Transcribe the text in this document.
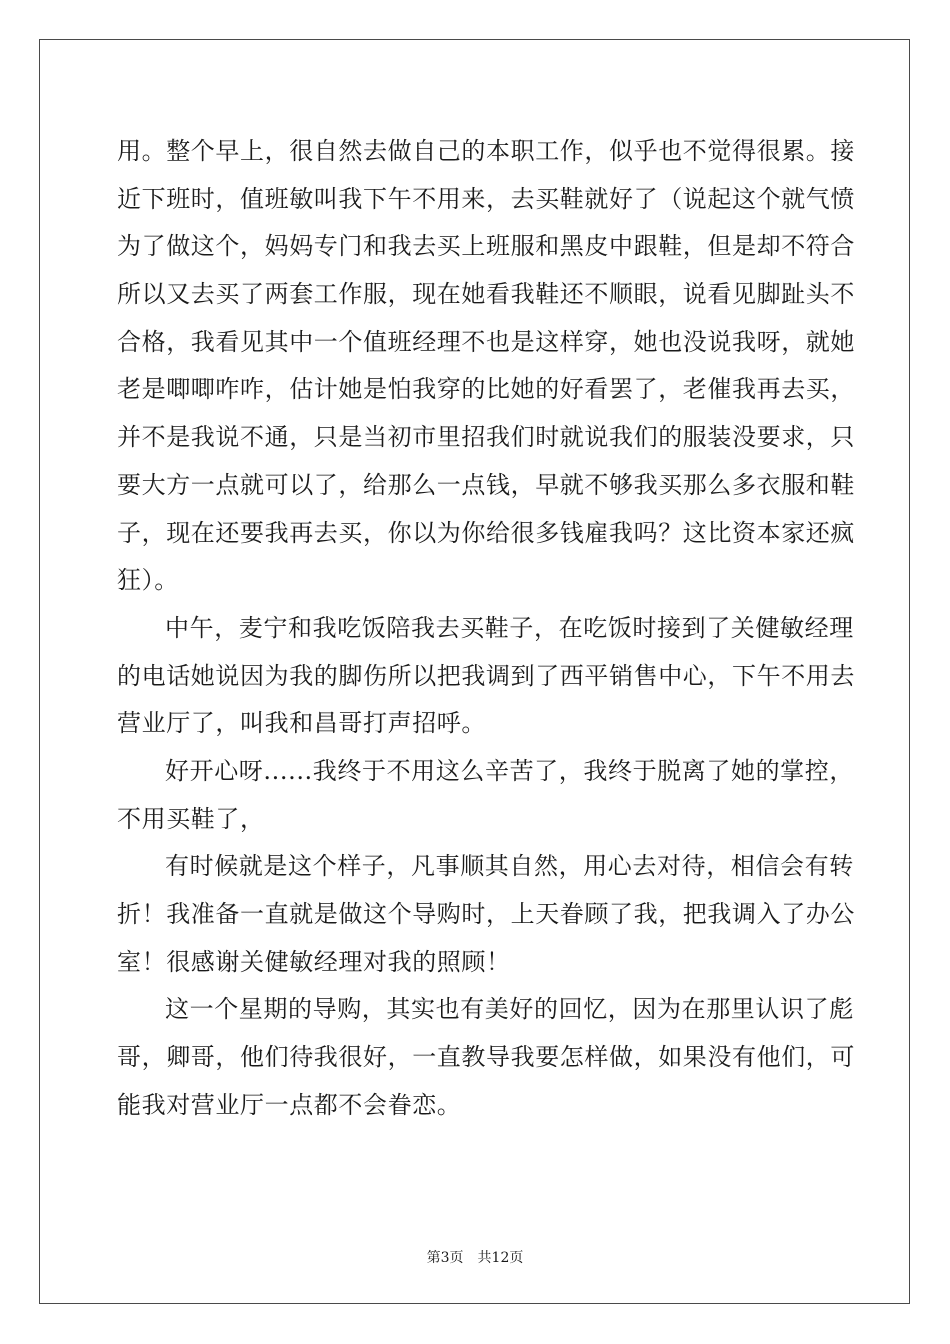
用。整个早上，很自然去做自己的本职工作，似乎也不觉得很累。接
近下班时，值班敏叫我下午不用来，去买鞋就好了（说起这个就气愤
为了做这个，妈妈专门和我去买上班服和黑皮中跟鞋，但是却不符合
所以又去买了两套工作服，现在她看我鞋还不顺眼，说看见脚趾头不
合格，我看见其中一个值班经理不也是这样穿，她也没说我呀，就她
老是唧唧咋咋，估计她是怕我穿的比她的好看罢了，老催我再去买，
并不是我说不通，只是当初市里招我们时就说我们的服装没要求，只
要大方一点就可以了，给那么一点钱，早就不够我买那么多衣服和鞋
子，现在还要我再去买，你以为你给很多钱雇我吗？这比资本家还疯
狂）。
中午，麦宁和我吃饭陪我去买鞋子，在吃饭时接到了关健敏经理
的电话她说因为我的脚伤所以把我调到了西平销售中心，下午不用去
营业厅了，叫我和昌哥打声招呼。
好开心呀......我终于不用这么辛苦了，我终于脱离了她的掌控，
不用买鞋了，
有时候就是这个样子，凡事顺其自然，用心去对待，相信会有转
折！我准备一直就是做这个导购时，上天眷顾了我，把我调入了办公
室！很感谢关健敏经理对我的照顾！
这一个星期的导购，其实也有美好的回忆，因为在那里认识了彪
哥，卿哥，他们待我很好，一直教导我要怎样做，如果没有他们，可
能我对营业厅一点都不会眷恋。
第3页 共12页
